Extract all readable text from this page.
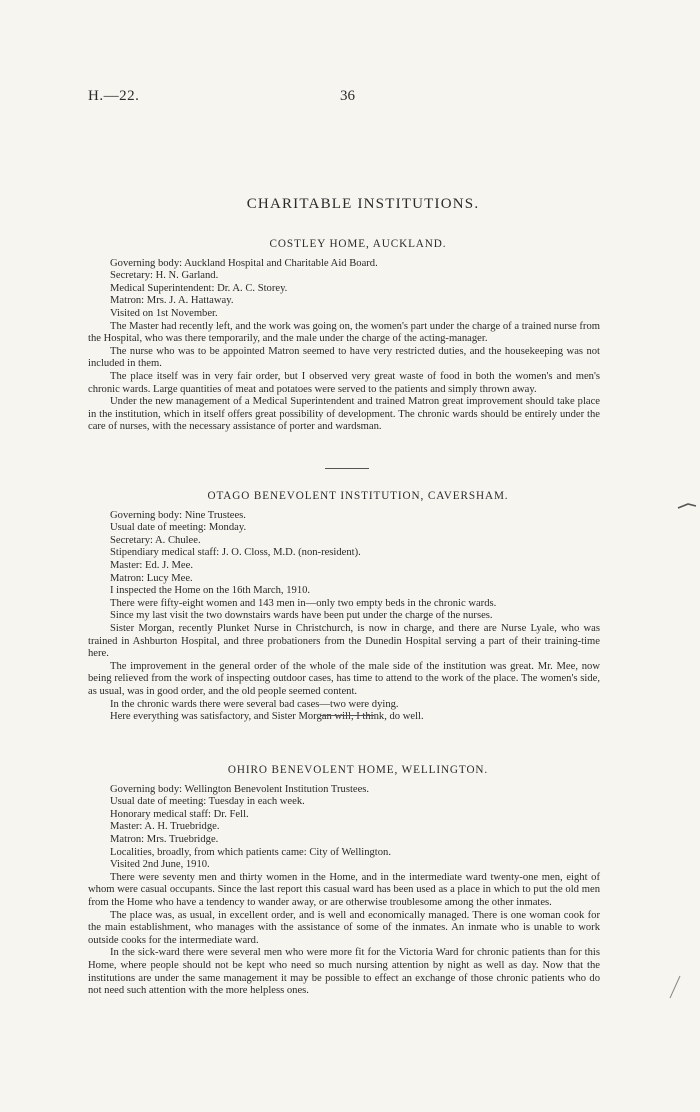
H.—22.	36
CHARITABLE INSTITUTIONS.
COSTLEY HOME, AUCKLAND.

Governing body: Auckland Hospital and Charitable Aid Board.

Secretary: H. N. Garland.

Medical Superintendent: Dr. A. C. Storey.

Matron: Mrs. J. A. Hattaway.

Visited on 1st November.

The Master had recently left, and the work was going on, the women's part under the charge of a trained nurse from the Hospital, who was there temporarily, and the male under the charge of the acting-manager.

The nurse who was to be appointed Matron seemed to have very restricted duties, and the housekeeping was not included in them.

The place itself was in very fair order, but I observed very great waste of food in both the women's and men's chronic wards. Large quantities of meat and potatoes were served to the patients and simply thrown away.

Under the new management of a Medical Superintendent and trained Matron great improvement should take place in the institution, which in itself offers great possibility of development. The chronic wards should be entirely under the care of nurses, with the necessary assistance of porter and wardsman.

OTAGO BENEVOLENT INSTITUTION, CAVERSHAM.

Governing body: Nine Trustees.

Usual date of meeting: Monday.

Secretary: A. Chulee.

Stipendiary medical staff: J. O. Closs, M.D. (non-resident).

Master: Ed. J. Mee.

Matron: Lucy Mee.

I inspected the Home on the 16th March, 1910.

There were fifty-eight women and 143 men in—only two empty beds in the chronic wards.

Since my last visit the two downstairs wards have been put under the charge of the nurses.

Sister Morgan, recently Plunket Nurse in Christchurch, is now in charge, and there are Nurse Lyale, who was trained in Ashburton Hospital, and three probationers from the Dunedin Hospital serving a part of their training-time here.

The improvement in the general order of the whole of the male side of the institution was great. Mr. Mee, now being relieved from the work of inspecting outdoor cases, has time to attend to the work of the place. The women's side, as usual, was in good order, and the old people seemed content.

In the chronic wards there were several bad cases—two were dying.

Here everything was satisfactory, and Sister Morgan will, I think, do well.

OHIRO BENEVOLENT HOME, WELLINGTON.

Governing body: Wellington Benevolent Institution Trustees.

Usual date of meeting: Tuesday in each week.

Honorary medical staff: Dr. Fell.

Master: A. H. Truebridge.

Matron: Mrs. Truebridge.

Localities, broadly, from which patients came: City of Wellington.

Visited 2nd June, 1910.

There were seventy men and thirty women in the Home, and in the intermediate ward twenty-one men, eight of whom were casual occupants. Since the last report this casual ward has been used as a place in which to put the old men from the Home who have a tendency to wander away, or are otherwise troublesome among the other inmates.

The place was, as usual, in excellent order, and is well and economically managed. There is one woman cook for the main establishment, who manages with the assistance of some of the inmates. An inmate who is unable to work outside cooks for the intermediate ward.

In the sick-ward there were several men who were more fit for the Victoria Ward for chronic patients than for this Home, where people should not be kept who need so much nursing attention by night as well as day. Now that the institutions are under the same management it may be possible to effect an exchange of those chronic patients who do not need such attention with the more helpless ones.
